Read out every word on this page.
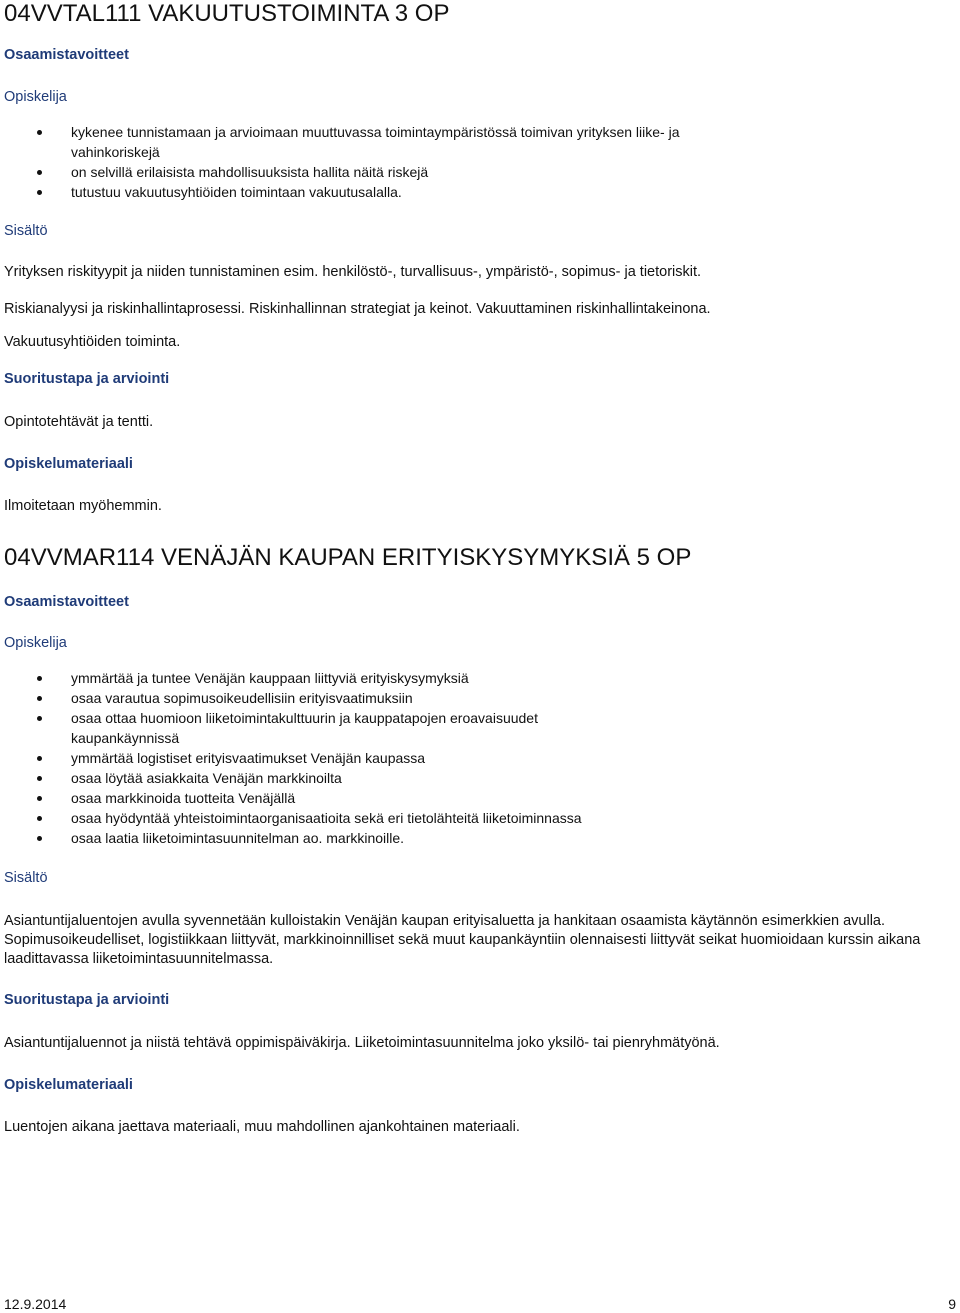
04VVTAL111 VAKUUTUSTOIMINTA 3 OP
Osaamistavoitteet
Opiskelija
kykenee tunnistamaan ja arvioimaan muuttuvassa toimintaympäristössä toimivan yrityksen liike- ja
vahinkoriskejä
on selvillä erilaisista mahdollisuuksista hallita näitä riskejä
tutustuu vakuutusyhtiöiden toimintaan vakuutusalalla.
Sisältö
Yrityksen riskityypit ja niiden tunnistaminen esim. henkilöstö-, turvallisuus-, ympäristö-, sopimus- ja tietoriskit.
Riskianalyysi ja riskinhallintaprosessi. Riskinhallinnan strategiat ja keinot. Vakuuttaminen riskinhallintakeinona.
Vakuutusyhtiöiden toiminta.
Suoritustapa ja arviointi
Opintotehtävät ja tentti.
Opiskelumateriaali
Ilmoitetaan myöhemmin.
04VVMAR114 VENÄJÄN KAUPAN ERITYISKYSYMYKSIÄ 5 OP
Osaamistavoitteet
Opiskelija
ymmärtää ja tuntee Venäjän kauppaan liittyviä erityiskysymyksiä
osaa varautua sopimusoikeudellisiin erityisvaatimuksiin
osaa ottaa huomioon liiketoimintakulttuurin ja kauppatapojen eroavaisuudet
kaupankäynnissä
ymmärtää logistiset erityisvaatimukset Venäjän kaupassa
osaa löytää asiakkaita Venäjän markkinoilta
osaa markkinoida tuotteita Venäjällä
osaa hyödyntää yhteistoimintaorganisaatioita sekä eri tietolähteitä liiketoiminnassa
osaa laatia liiketoimintasuunnitelman ao. markkinoille.
Sisältö
Asiantuntijaluentojen avulla syvennetään kulloistakin Venäjän kaupan erityisaluetta ja hankitaan osaamista käytännön esimerkkien avulla.
Sopimusoikeudelliset, logistiikkaan liittyvät, markkinoinnilliset sekä muut kaupankäyntiin olennaisesti liittyvät seikat huomioidaan kurssin aikana
laadittavassa liiketoimintasuunnitelmassa.
Suoritustapa ja arviointi
Asiantuntijaluennot ja niistä tehtävä oppimispäiväkirja. Liiketoimintasuunnitelma joko yksilö- tai pienryhmätyönä.
Opiskelumateriaali
Luentojen aikana jaettava materiaali, muu mahdollinen ajankohtainen materiaali.
12.9.2014	9
